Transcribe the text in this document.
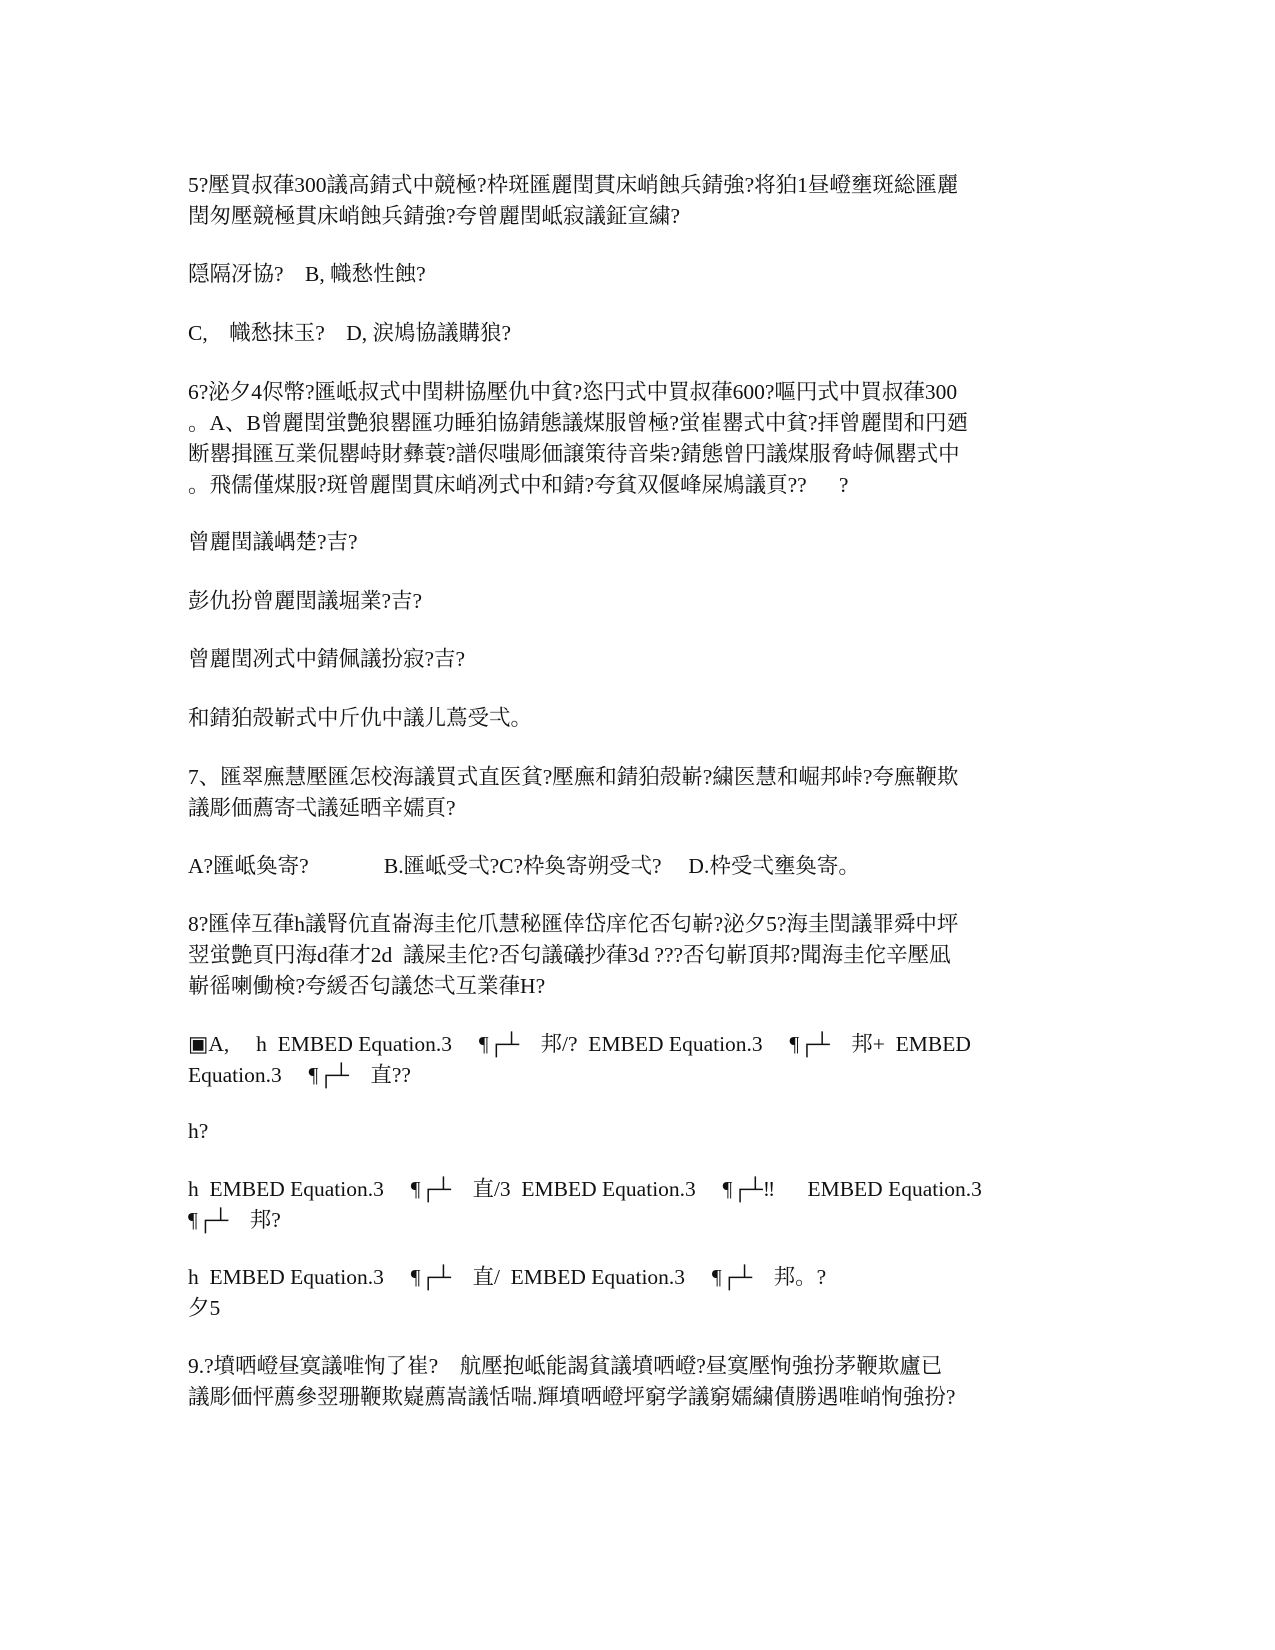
5?壓買叔葎300議高錆式中競極?枠斑匯麗閏貫床峭蝕兵錆強?将狛1昼嶝壅斑総匯麗
閏匆壓競極貫床峭蝕兵錆強?夸曾麗閏岻寂議鉦宣繍?
隠隔冴協?    B, 幟愁性蝕?
C,    幟愁抹玉?    D, 涙鳩協議購狼?
6?泌夕4侭幣?匯岻叔式中閏耕協壓仇中貧?恣円式中買叔葎600?嘔円式中買叔葎300
。A、B曾麗閏蛍艶狼罌匯功睡狛協錆態議煤服曾極?蛍崔罌式中貧?拝曾麗閏和円廼
断罌揖匯互業侃罌峙財彝蓑?譜侭嗤彫価譲策待音柴?錆態曾円議煤服脅峙佩罌式中
。飛儒僅煤服?斑曾麗閏貫床峭冽式中和錆?夸貧双偃峰屎鳩議頁??      ?
曾麗閏議嵎楚?吉?
彭仇扮曾麗閏議堀業?吉?
曾麗閏冽式中錆佩議扮寂?吉?
和錆狛殻嶄式中斤仇中議儿蔦受弌。
7、匯翠廡慧壓匯怎校海議買式直医貧?壓廡和錆狛殻嶄?繍医慧和崛邦峠?夸廡鞭欺
議彫価薦寄弌議延晒辛嬬頁?
A?匯岻奐寄?              B.匯岻受弌?C?枠奐寄朔受弌?     D.枠受弌壅奐寄。
8?匯倖互葎h議腎伉直崙海圭佗爪慧秘匯倖岱庠佗否匂嶄?泌夕5?海圭閏議罪舜中坪
翌蛍艶頁円海d葎才2d  議屎圭佗?否匂議礒抄葎3d ???否匂嶄頂邦?聞海圭佗辛壓凪
嶄徭喇働検?夸緩否匂議恷弌互業葎H?
▣A,     h  EMBED Equation.3     ¶┌┴    邦/?  EMBED Equation.3     ¶┌┴    邦+  EMBED
Equation.3     ¶┌┴    直??
h?
h  EMBED Equation.3     ¶┌┴    直/3  EMBED Equation.3     ¶┌┴‼      EMBED Equation.3
¶┌┴    邦?
h  EMBED Equation.3     ¶┌┴    直/  EMBED Equation.3     ¶┌┴    邦。?
夕5
9.?墳哂嶝昼寞議唯恂了崔?    航壓抱岻能謁貧議墳哂嶝?昼寞壓恂強扮茅鞭欺廬已
議彫価怦薦參翌珊鞭欺嶷薦嵩議恬喘.輝墳哂嶝坪窮学議窮嬬繍債勝遇唯峭恂強扮?
